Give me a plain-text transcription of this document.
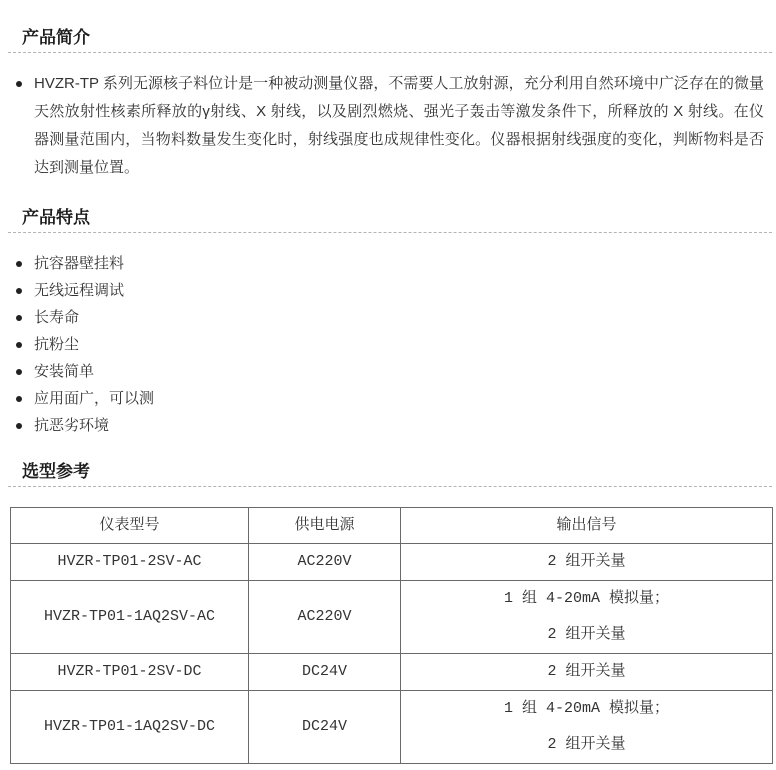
产品简介
HVZR-TP 系列无源核子料位计是一种被动测量仪器，不需要人工放射源，充分利用自然环境中广泛存在的微量天然放射性核素所释放的γ射线、X 射线，以及剧烈燃烧、强光子轰击等激发条件下，所释放的 X 射线。在仪器测量范围内，当物料数量发生变化时，射线强度也成规律性变化。仪器根据射线强度的变化，判断物料是否达到测量位置。
产品特点
抗容器壁挂料
无线远程调试
长寿命
抗粉尘
安装简单
应用面广，可以测
抗恶劣环境
选型参考
仪表型号	供电电源	输出信号
HVZR-TP01-2SV-AC	AC220V	2 组开关量

HVZR-TP01-1AQ2SV-AC	AC220V	1 组 4-20mA 模拟量；
2 组开关量

HVZR-TP01-2SV-DC	DC24V	2 组开关量

HVZR-TP01-1AQ2SV-DC	DC24V	1 组 4-20mA 模拟量；
2 组开关量
